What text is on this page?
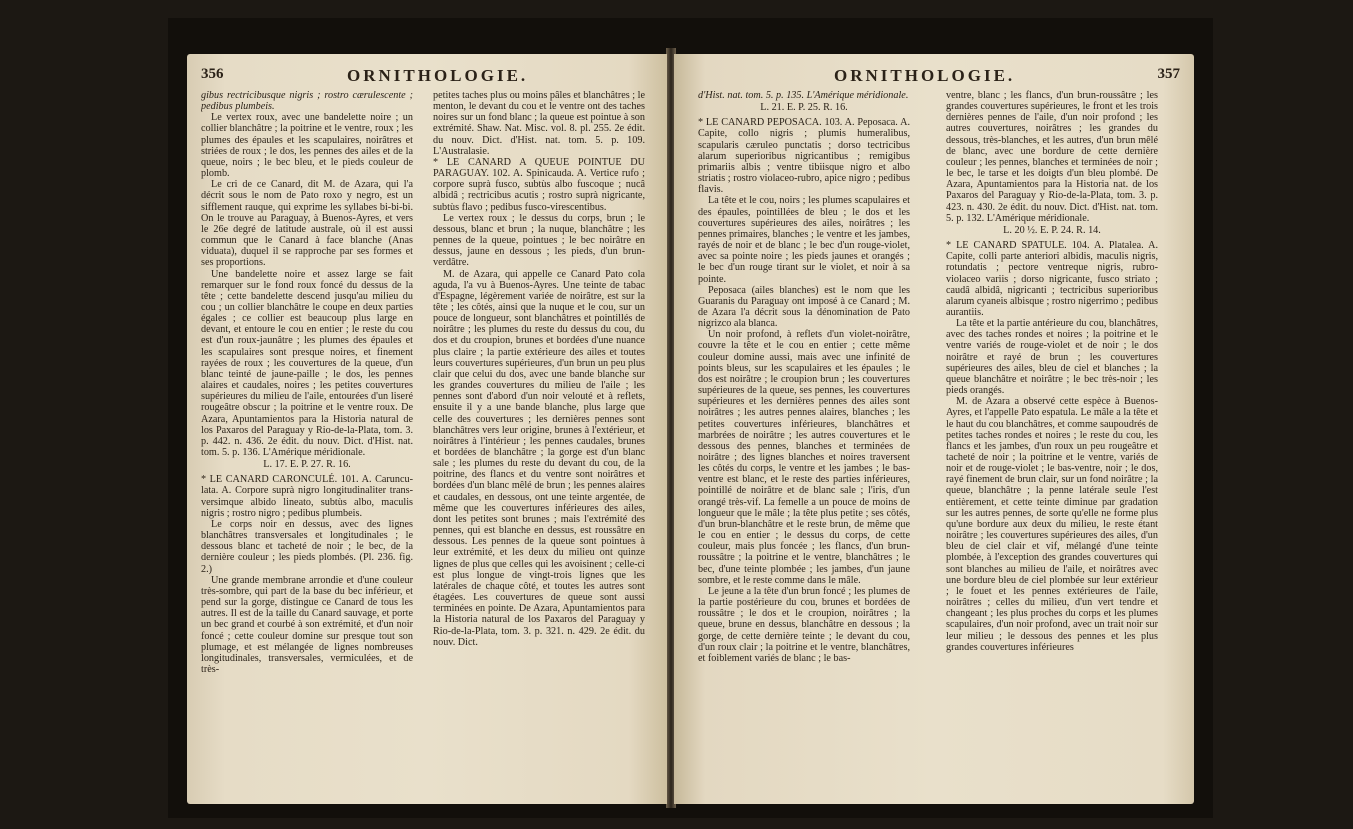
356	ORNITHOLOGIE.

gibus rectricibusque nigris ; rostro cærulescente ; pedibus plumbeis.

Le vertex roux, avec une bandelette noire ; un collier blanchâtre ; la poitrine et le ventre, roux ; les plumes des épaules et les scapulaires, noirâtres et striées de roux ; le dos, les pennes des ailes et de la queue, noirs ; le bec bleu, et le pieds couleur de plomb.

Le cri de ce Canard, dit M. de Azara, qui l'a décrit sous le nom de Pato roxo y negro, est un sifflement rauque, qui exprime les syllabes bi-bi-bi. On le trouve au Paraguay, à Buenos-Ayres, et vers le 26e degré de latitude australe, où il est aussi commun que le Canard à face blanche (Anas viduata), duquel il se rapproche par ses formes et ses proportions.

Une bandelette noire et assez large se fait remarquer sur le fond roux foncé du dessus de la tête ; cette bandelette descend jusqu'au milieu du cou ; un collier blanchâtre le coupe en deux parties égales ; ce collier est beaucoup plus large en devant, et entoure le cou en entier ; le reste du cou est d'un roux-jaunâtre ; les plumes des épaules et les scapulaires sont presque noires, et finement rayées de roux ; les couvertures de la queue, d'un blanc teinté de jaune-paille ; le dos, les pennes alaires et caudales, noires ; les petites couvertures supérieures du milieu de l'aile, entourées d'un liseré rougeâtre obscur ; la poitrine et le ventre roux. De Azara, Apuntamientos para la Historia natural de los Paxaros del Paraguay y Rio-de-la-Plata, tom. 3. p. 442. n. 436. 2e édit. du nouv. Dict. d'Hist. nat. tom. 5. p. 136. L'Amérique méridionale.

L. 17. E. P. 27. R. 16.

* LE CANARD CARONCULÉ. 101. A. Caruncu-lata. A. Corpore suprà nigro longitudinaliter trans-versimque albido lineato, subtùs albo, maculis nigris ; rostro nigro ; pedibus plumbeis.

Le corps noir en dessus, avec des lignes blanchâtres transversales et longitudinales ; le dessous blanc et tacheté de noir ; le bec, de la dernière couleur ; les pieds plombés. (Pl. 236. fig. 2.)

Une grande membrane arrondie et d'une couleur très-sombre, qui part de la base du bec inférieur, et pend sur la gorge, distingue ce Canard de tous les autres. Il est de la taille du Canard sauvage, et porte un bec grand et courbé à son extrémité, et d'un noir foncé ; cette couleur domine sur presque tout son plumage, et est mélangée de lignes nombreuses longitudinales, transversales, vermiculées, et de très-

petites taches plus ou moins pâles et blanchâtres ; le menton, le devant du cou et le ventre ont des taches noires sur un fond blanc ; la queue est pointue à son extrémité. Shaw. Nat. Misc. vol. 8. pl. 255. 2e édit. du nouv. Dict. d'Hist. nat. tom. 5. p. 109. L'Australasie.

* LE CANARD A QUEUE POINTUE DU PARAGUAY. 102. A. Spinicauda. A. Vertice rufo ; corpore suprà fusco, subtùs albo fuscoque ; nucâ albidâ ; rectricibus acutis ; rostro suprà nigricante, subtùs flavo ; pedibus fusco-virescentibus.

Le vertex roux ; le dessus du corps, brun ; le dessous, blanc et brun ; la nuque, blanchâtre ; les pennes de la queue, pointues ; le bec noirâtre en dessus, jaune en dessous ; les pieds, d'un brun-verdâtre.

M. de Azara, qui appelle ce Canard Pato cola aguda, l'a vu à Buenos-Ayres. Une teinte de tabac d'Espagne, légèrement variée de noirâtre, est sur la tête ; les côtés, ainsi que la nuque et le cou, sur un pouce de longueur, sont blanchâtres et pointillés de noirâtre ; les plumes du reste du dessus du cou, du dos et du croupion, brunes et bordées d'une nuance plus claire ; la partie extérieure des ailes et toutes leurs couvertures supérieures, d'un brun un peu plus clair que celui du dos, avec une bande blanche sur les grandes couvertures du milieu de l'aile ; les pennes sont d'abord d'un noir velouté et à reflets, ensuite il y a une bande blanche, plus large que celle des couvertures ; les dernières pennes sont blanchâtres vers leur origine, brunes à l'extérieur, et noirâtres à l'intérieur ; les pennes caudales, brunes et bordées de blanchâtre ; la gorge est d'un blanc sale ; les plumes du reste du devant du cou, de la poitrine, des flancs et du ventre sont noirâtres et bordées d'un blanc mêlé de brun ; les pennes alaires et caudales, en dessous, ont une teinte argentée, de même que les couvertures inférieures des ailes, dont les petites sont brunes ; mais l'extrémité des pennes, qui est blanche en dessus, est roussâtre en dessous. Les pennes de la queue sont pointues à leur extrémité, et les deux du milieu ont quinze lignes de plus que celles qui les avoisinent ; celle-ci est plus longue de vingt-trois lignes que les latérales de chaque côté, et toutes les autres sont étagées. Les couvertures de queue sont aussi terminées en pointe. De Azara, Apuntamientos para la Historia natural de los Paxaros del Paraguay y Rio-de-la-Plata, tom. 3. p. 321. n. 429. 2e édit. du nouv. Dict.

ORNITHOLOGIE.	357

d'Hist. nat. tom. 5. p. 135. L'Amérique méridionale.

L. 21. E. P. 25. R. 16.

* LE CANARD PEPOSACA. 103. A. Peposaca. A. Capite, collo nigris ; plumis humeralibus, scapularis cæruleo punctatis ; dorso tectricibus alarum superioribus nigricantibus ; remigibus primariis albis ; ventre tibiisque nigro et albo striatis ; rostro violaceo-rubro, apice nigro ; pedibus flavis.

La tête et le cou, noirs ; les plumes scapulaires et des épaules, pointillées de bleu ; le dos et les couvertures supérieures des ailes, noirâtres ; les pennes primaires, blanches ; le ventre et les jambes, rayés de noir et de blanc ; le bec d'un rouge-violet, avec sa pointe noire ; les pieds jaunes et orangés ; le bec d'un rouge tirant sur le violet, et noir à sa pointe.

Peposaca (ailes blanches) est le nom que les Guaranis du Paraguay ont imposé à ce Canard ; M. de Azara l'a décrit sous la dénomination de Pato nigrizco ala blanca.

Un noir profond, à reflets d'un violet-noirâtre, couvre la tête et le cou en entier ; cette même couleur domine aussi, mais avec une infinité de points bleus, sur les scapulaires et les épaules ; le dos est noirâtre ; le croupion brun ; les couvertures supérieures de la queue, ses pennes, les couvertures supérieures et les dernières pennes des ailes sont noirâtres ; les autres pennes alaires, blanches ; les petites couvertures inférieures, blanchâtres et marbrées de noirâtre ; les autres couvertures et le dessous des pennes, blanches et terminées de noirâtre ; des lignes blanches et noires traversent les côtés du corps, le ventre et les jambes ; le bas-ventre est blanc, et le reste des parties inférieures, pointillé de noirâtre et de blanc sale ; l'iris, d'un orangé très-vif. La femelle a un pouce de moins de longueur que le mâle ; la tête plus petite ; ses côtés, d'un brun-blanchâtre et le reste brun, de même que le cou en entier ; le dessus du corps, de cette couleur, mais plus foncée ; les flancs, d'un brun-roussâtre ; la poitrine et le ventre, blanchâtres ; le bec, d'une teinte plombée ; les jambes, d'un jaune sombre, et le reste comme dans le mâle.

Le jeune a la tête d'un brun foncé ; les plumes de la partie postérieure du cou, brunes et bordées de roussâtre ; le dos et le croupion, noirâtres ; la queue, brune en dessus, blanchâtre en dessous ; la gorge, de cette dernière teinte ; le devant du cou, d'un roux clair ; la poitrine et le ventre, blanchâtres, et foiblement variés de blanc ; le bas-

ventre, blanc ; les flancs, d'un brun-roussâtre ; les grandes couvertures supérieures, le front et les trois dernières pennes de l'aile, d'un noir profond ; les autres couvertures, noirâtres ; les grandes du dessous, très-blanches, et les autres, d'un brun mêlé de blanc, avec une bordure de cette dernière couleur ; les pennes, blanches et terminées de noir ; le bec, le tarse et les doigts d'un bleu plombé. De Azara, Apuntamientos para la Historia nat. de los Paxaros del Paraguay y Rio-de-la-Plata, tom. 3. p. 423. n. 430. 2e édit. du nouv. Dict. d'Hist. nat. tom. 5. p. 132. L'Amérique méridionale.

L. 20 ½. E. P. 24. R. 14.

* LE CANARD SPATULE. 104. A. Platalea. A. Capite, colli parte anteriori albidis, maculis nigris, rotundatis ; pectore ventreque nigris, rubro-violaceo variis ; dorso nigricante, fusco striato ; caudâ albidâ, nigricanti ; tectricibus superioribus alarum cyaneis albisque ; rostro nigerrimo ; pedibus aurantiis.

La tête et la partie antérieure du cou, blanchâtres, avec des taches rondes et noires ; la poitrine et le ventre variés de rouge-violet et de noir ; le dos noirâtre et rayé de brun ; les couvertures supérieures des ailes, bleu de ciel et blanches ; la queue blanchâtre et noirâtre ; le bec très-noir ; les pieds orangés.

M. de Azara a observé cette espèce à Buenos-Ayres, et l'appelle Pato espatula. Le mâle a la tête et le haut du cou blanchâtres, et comme saupoudrés de petites taches rondes et noires ; le reste du cou, les flancs et les jambes, d'un roux un peu rougeâtre et tacheté de noir ; la poitrine et le ventre, variés de noir et de rouge-violet ; le bas-ventre, noir ; le dos, rayé finement de brun clair, sur un fond noirâtre ; la queue, blanchâtre ; la penne latérale seule l'est entièrement, et cette teinte diminue par gradation sur les autres pennes, de sorte qu'elle ne forme plus qu'une bordure aux deux du milieu, le reste étant noirâtre ; les couvertures supérieures des ailes, d'un bleu de ciel clair et vif, mélangé d'une teinte plombée, à l'exception des grandes couvertures qui sont blanches au milieu de l'aile, et noirâtres avec une bordure bleu de ciel plombée sur leur extérieur ; le fouet et les pennes extérieures de l'aile, noirâtres ; celles du milieu, d'un vert tendre et changeant ; les plus proches du corps et les plumes scapulaires, d'un noir profond, avec un trait noir sur leur milieu ; le dessous des pennes et les plus grandes couvertures inférieures
